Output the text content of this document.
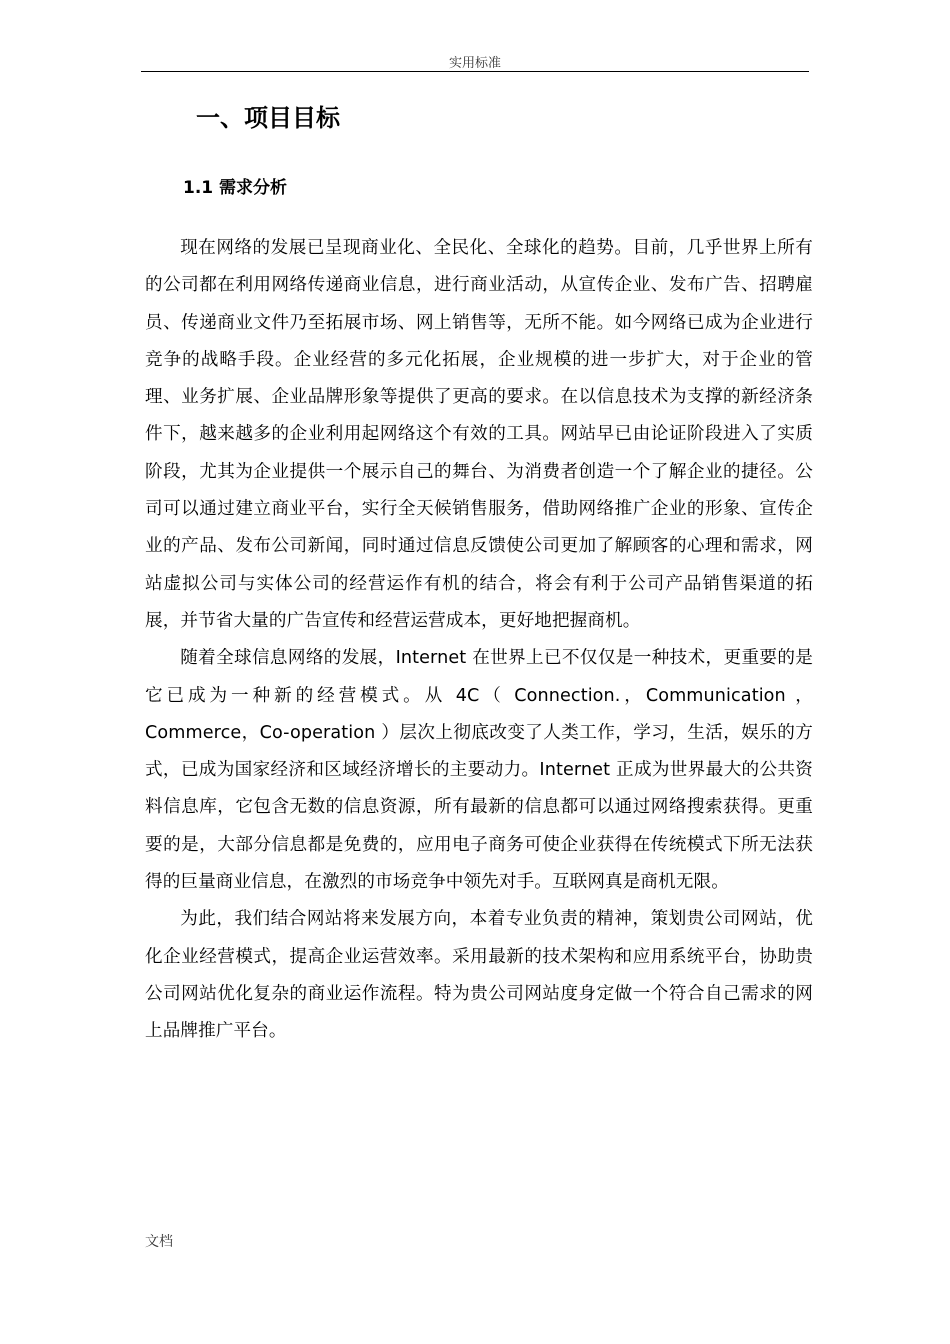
实用标准
一、项目目标
1.1 需求分析

现在网络的发展已呈现商业化、全民化、全球化的趋势。目前，几乎世界上所有的公司都在利用网络传递商业信息，进行商业活动，从宣传企业、发布广告、招聘雇员、传递商业文件乃至拓展市场、网上销售等，无所不能。如今网络已成为企业进行竞争的战略手段。企业经营的多元化拓展，企业规模的进一步扩大，对于企业的管理、业务扩展、企业品牌形象等提供了更高的要求。在以信息技术为支撑的新经济条件下，越来越多的企业利用起网络这个有效的工具。网站早已由论证阶段进入了实质阶段，尤其为企业提供一个展示自己的舞台、为消费者创造一个了解企业的捷径。公司可以通过建立商业平台，实行全天候销售服务，借助网络推广企业的形象、宣传企业的产品、发布公司新闻，同时通过信息反馈使公司更加了解顾客的心理和需求，网站虚拟公司与实体公司的经营运作有机的结合，将会有利于公司产品销售渠道的拓展，并节省大量的广告宣传和经营运营成本，更好地把握商机。

随着全球信息网络的发展，Internet 在世界上已不仅仅是一种技术，更重要的是它已成为一种新的经营模式。从 4C（ Connection.，Communication ，Commerce，Co-operation ）层次上彻底改变了人类工作，学习，生活，娱乐的方式，已成为国家经济和区域经济增长的主要动力。Internet 正成为世界最大的公共资料信息库，它包含无数的信息资源，所有最新的信息都可以通过网络搜索获得。更重要的是，大部分信息都是免费的，应用电子商务可使企业获得在传统模式下所无法获得的巨量商业信息，在激烈的市场竞争中领先对手。互联网真是商机无限。

为此，我们结合网站将来发展方向，本着专业负责的精神，策划贵公司网站，优化企业经营模式，提高企业运营效率。采用最新的技术架构和应用系统平台，协助贵公司网站优化复杂的商业运作流程。特为贵公司网站度身定做一个符合自己需求的网上品牌推广平台。

文档
